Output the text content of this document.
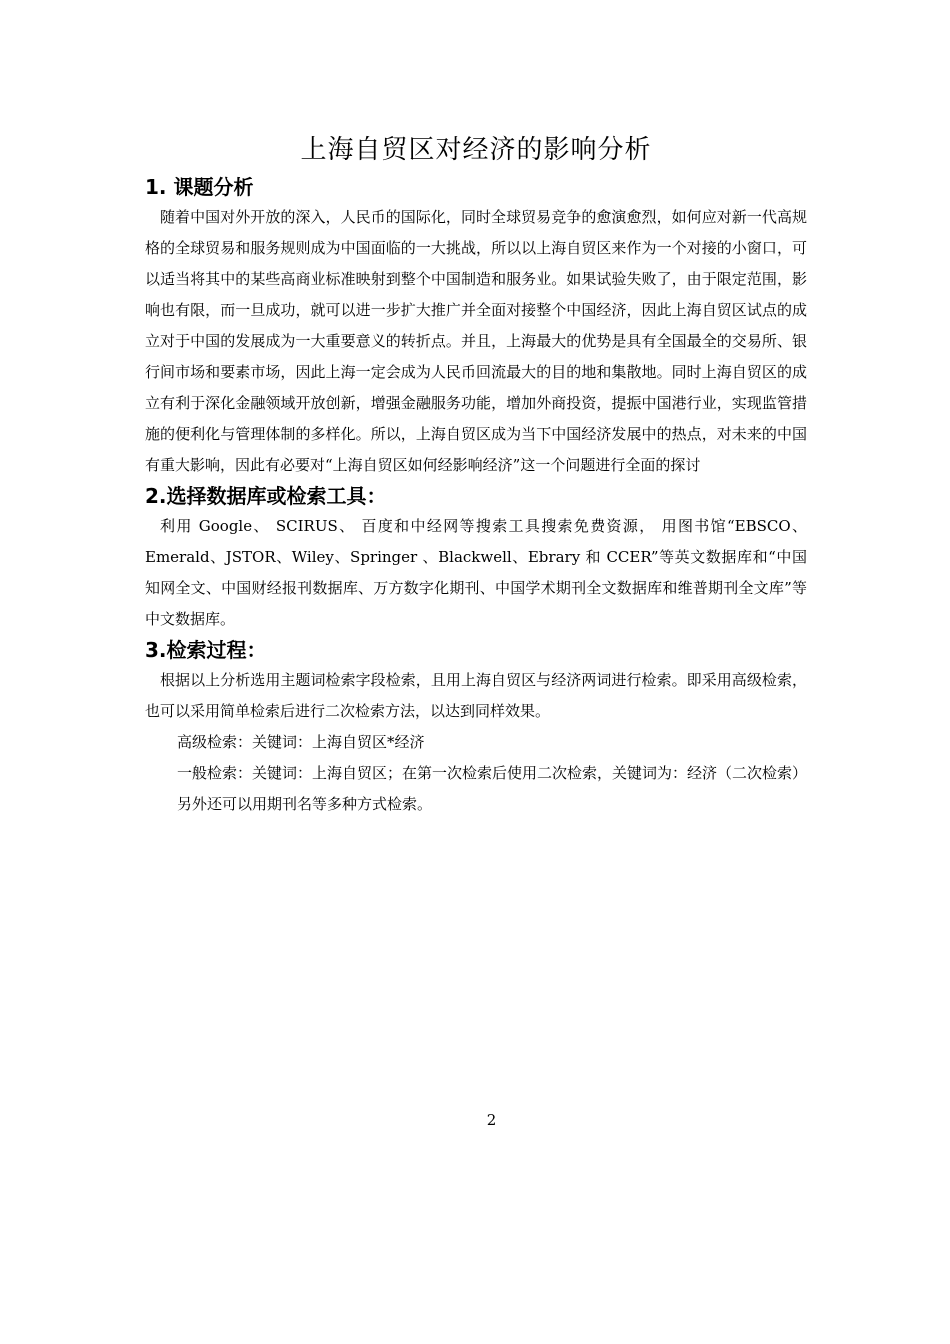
上海自贸区对经济的影响分析
1. 课题分析

随着中国对外开放的深入，人民币的国际化，同时全球贸易竞争的愈演愈烈，如何应对新一代高规格的全球贸易和服务规则成为中国面临的一大挑战，所以以上海自贸区来作为一个对接的小窗口，可以适当将其中的某些高商业标准映射到整个中国制造和服务业。如果试验失败了，由于限定范围，影响也有限，而一旦成功，就可以进一步扩大推广并全面对接整个中国经济，因此上海自贸区试点的成立对于中国的发展成为一大重要意义的转折点。并且，上海最大的优势是具有全国最全的交易所、银行间市场和要素市场，因此上海一定会成为人民币回流最大的目的地和集散地。同时上海自贸区的成立有利于深化金融领域开放创新，增强金融服务功能，增加外商投资，提振中国港行业，实现监管措施的便利化与管理体制的多样化。所以，上海自贸区成为当下中国经济发展中的热点，对未来的中国有重大影响，因此有必要对“上海自贸区如何经影响经济”这一个问题进行全面的探讨

2.选择数据库或检索工具：

利用 Google、 SCIRUS、 百度和中经网等搜索工具搜索免费资源， 用图书馆“EBSCO、Emerald、JSTOR、Wiley、Springer 、Blackwell、Ebrary 和 CCER”等英文数据库和“中国知网全文、中国财经报刊数据库、万方数字化期刊、中国学术期刊全文数据库和维普期刊全文库”等中文数据库。

3.检索过程：

根据以上分析选用主题词检索字段检索，且用上海自贸区与经济两词进行检索。即采用高级检索，也可以采用简单检索后进行二次检索方法，以达到同样效果。

高级检索：关键词：上海自贸区*经济

一般检索：关键词：上海自贸区；在第一次检索后使用二次检索，关键词为：经济（二次检索）

另外还可以用期刊名等多种方式检索。

2
